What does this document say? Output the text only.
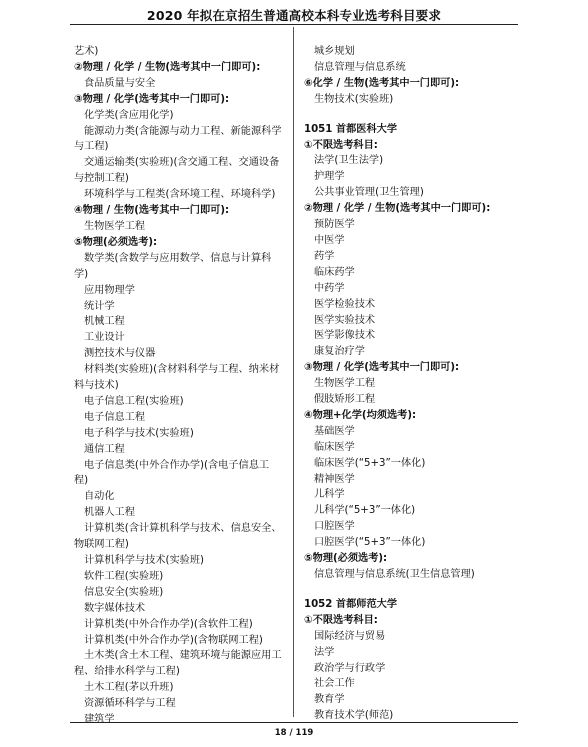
2020 年拟在京招生普通高校本科专业选考科目要求
艺术)
②物理 / 化学 / 生物(选考其中一门即可):
食品质量与安全
③物理 / 化学(选考其中一门即可):
化学类(含应用化学)
能源动力类(含能源与动力工程、新能源科学
与工程)
交通运输类(实验班)(含交通工程、交通设备
与控制工程)
环境科学与工程类(含环境工程、环境科学)
④物理 / 生物(选考其中一门即可):
生物医学工程
⑤物理(必须选考):
数学类(含数学与应用数学、信息与计算科
学)
应用物理学
统计学
机械工程
工业设计
测控技术与仪器
材料类(实验班)(含材料科学与工程、纳米材
料与技术)
电子信息工程(实验班)
电子信息工程
电子科学与技术(实验班)
通信工程
电子信息类(中外合作办学)(含电子信息工
程)
自动化
机器人工程
计算机类(含计算机科学与技术、信息安全、
物联网工程)
计算机科学与技术(实验班)
软件工程(实验班)
信息安全(实验班)
数字媒体技术
计算机类(中外合作办学)(含软件工程)
计算机类(中外合作办学)(含物联网工程)
土木类(含土木工程、建筑环境与能源应用工
程、给排水科学与工程)
土木工程(茅以升班)
资源循环科学与工程
建筑学
城乡规划
信息管理与信息系统
⑥化学 / 生物(选考其中一门即可):
生物技术(实验班)
1051 首都医科大学
①不限选考科目:
法学(卫生法学)
护理学
公共事业管理(卫生管理)
②物理 / 化学 / 生物(选考其中一门即可):
预防医学
中医学
药学
临床药学
中药学
医学检验技术
医学实验技术
医学影像技术
康复治疗学
③物理 / 化学(选考其中一门即可):
生物医学工程
假肢矫形工程
④物理+化学(均须选考):
基础医学
临床医学
临床医学(“5+3”一体化)
精神医学
儿科学
儿科学(“5+3”一体化)
口腔医学
口腔医学(“5+3”一体化)
⑤物理(必须选考):
信息管理与信息系统(卫生信息管理)
1052 首都师范大学
①不限选考科目:
国际经济与贸易
法学
政治学与行政学
社会工作
教育学
教育技术学(师范)
18 / 119
